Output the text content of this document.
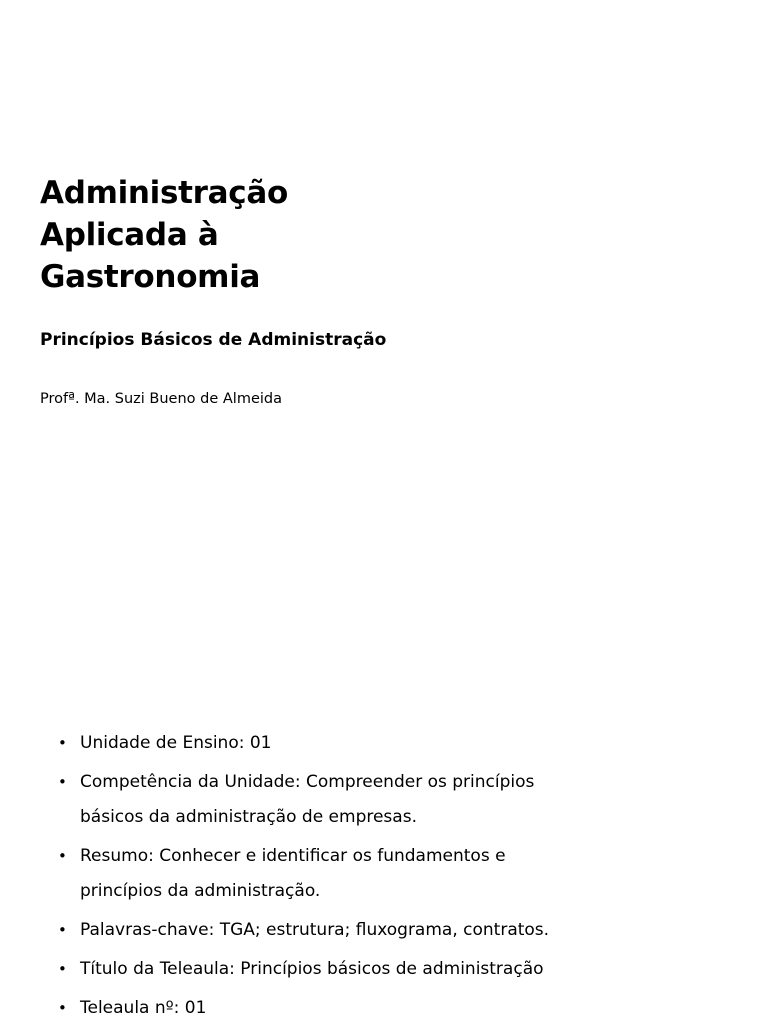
Administração
Aplicada à
Gastronomia
Princípios Básicos de Administração

Profª. Ma. Suzi Bueno de Almeida

• Unidade de Ensino: 01
• Competência da Unidade: Compreender os princípios básicos da administração de empresas.
• Resumo: Conhecer e identificar os fundamentos e princípios da administração.
• Palavras-chave: TGA; estrutura; fluxograma, contratos.
• Título da Teleaula: Princípios básicos de administração
• Teleaula nº: 01
